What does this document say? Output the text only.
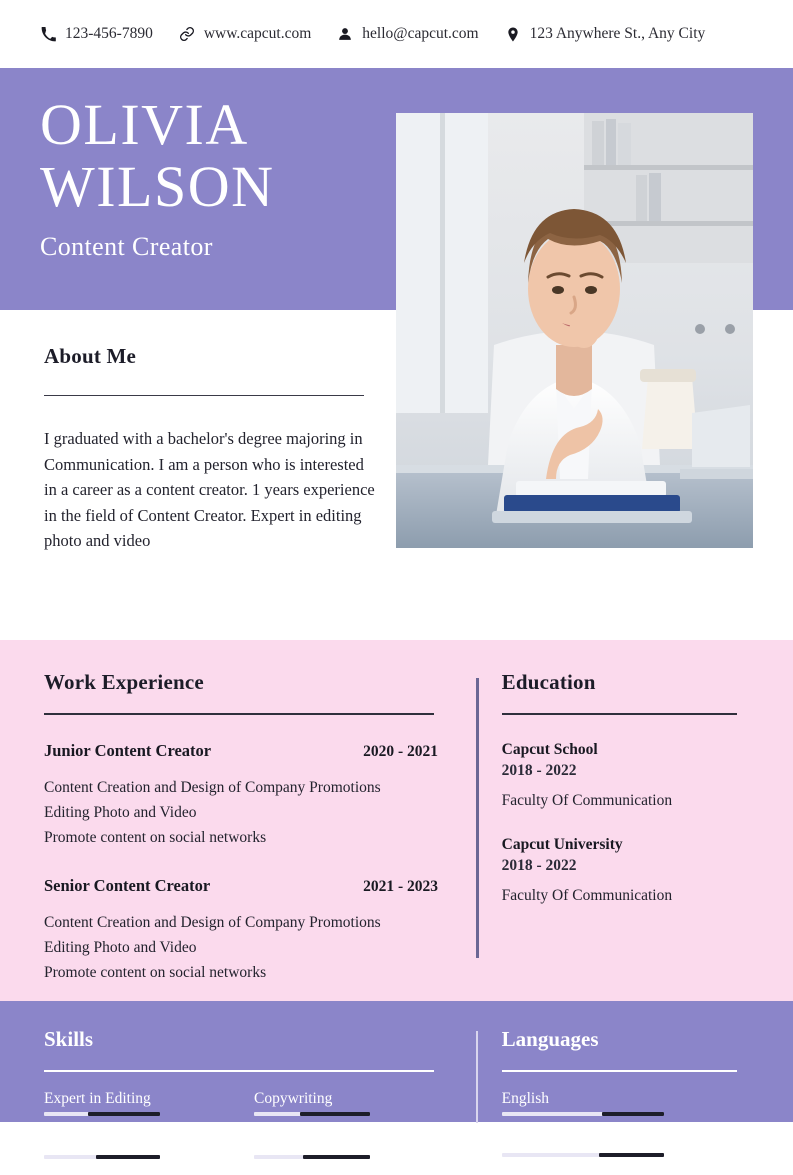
123-456-7890	www.capcut.com	hello@capcut.com	123 Anywhere St., Any City
OLIVIA
WILSON
Content Creator
About Me
I graduated with a bachelor's degree majoring in Communication. I am a person who is interested in a career as a content creator. 1 years experience in the field of Content Creator. Expert in editing photo and video
Work Experience
Junior Content Creator	2020 - 2021
Content Creation and Design of Company Promotions
Editing Photo and Video
Promote content on social networks
Senior Content Creator	2021 - 2023
Content Creation and Design of Company Promotions
Editing Photo and Video
Promote content on social networks
Education
Capcut School
2018 - 2022
Faculty Of Communication
Capcut University
2018 - 2022
Faculty Of Communication
Skills
Expert in Editing
Create logos
Copywriting
Editing Photo and Video
Languages
English
Germany
